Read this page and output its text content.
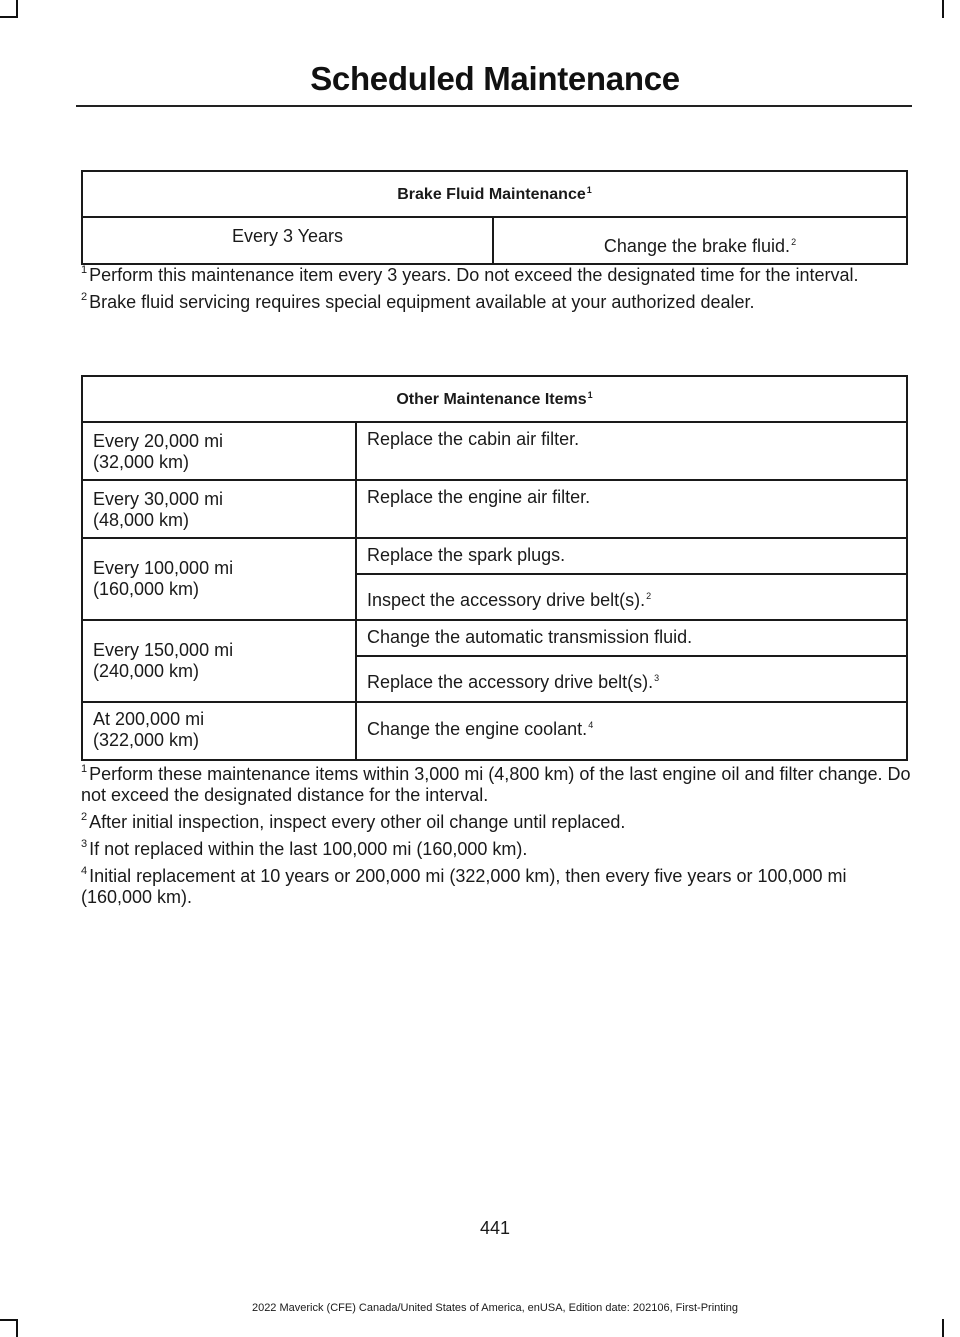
Scheduled Maintenance
Brake Fluid Maintenance$^1$
Every 3 Years	Change the brake fluid.$^2$

$^1$ Perform this maintenance item every 3 years. Do not exceed the designated time for the interval.

$^2$ Brake fluid servicing requires special equipment available at your authorized dealer.

Other Maintenance Items$^1$
Every 20,000 mi
(32,000 km)	Replace the cabin air filter.
Every 30,000 mi
(48,000 km)	Replace the engine air filter.
Every 100,000 mi
(160,000 km)	Replace the spark plugs.
	Inspect the accessory drive belt(s).$^2$
Every 150,000 mi
(240,000 km)	Change the automatic transmission fluid.
	Replace the accessory drive belt(s).$^3$
At 200,000 mi
(322,000 km)	Change the engine coolant.$^4$

$^1$ Perform these maintenance items within 3,000 mi (4,800 km) of the last engine oil and filter change. Do not exceed the designated distance for the interval.

$^2$ After initial inspection, inspect every other oil change until replaced.

$^3$ If not replaced within the last 100,000 mi (160,000 km).

$^4$ Initial replacement at 10 years or 200,000 mi (322,000 km), then every five years or 100,000 mi (160,000 km).

441
2022 Maverick (CFE) Canada/United States of America, enUSA, Edition date: 202106, First-Printing
